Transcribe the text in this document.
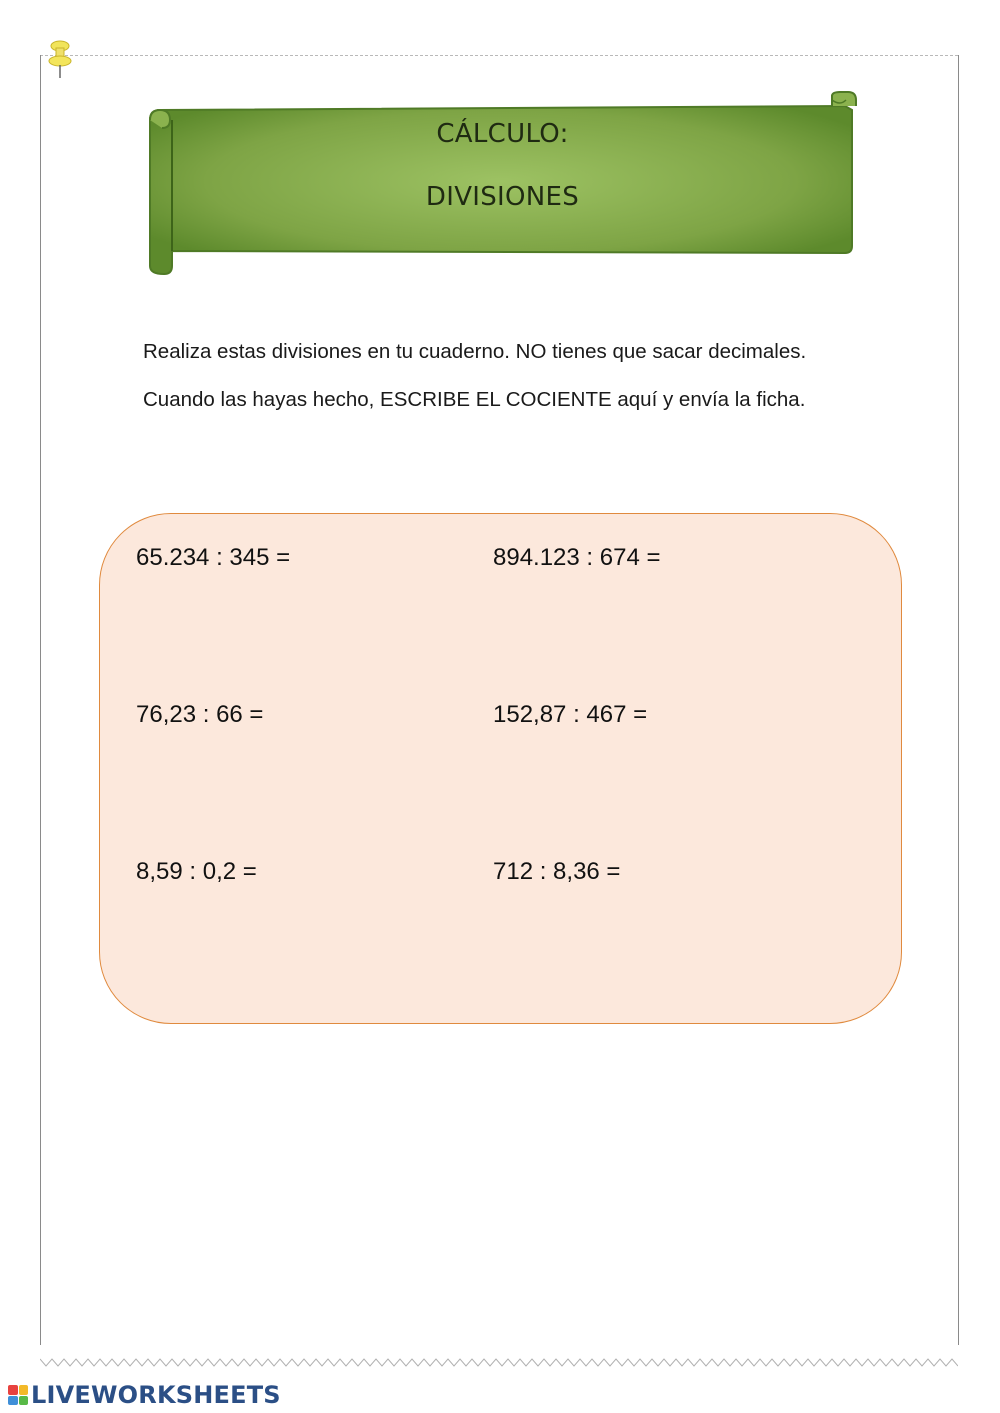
CÁLCULO:
DIVISIONES

Realiza estas divisiones en tu cuaderno. NO tienes que sacar decimales.

Cuando las hayas hecho, ESCRIBE EL COCIENTE aquí y envía la ficha.

65.234 : 345 =	894.123 : 674 =
76,23 : 66 =	152,87 : 467 =
8,59 : 0,2 =	712 : 8,36 =
LIVEWORKSHEETS
